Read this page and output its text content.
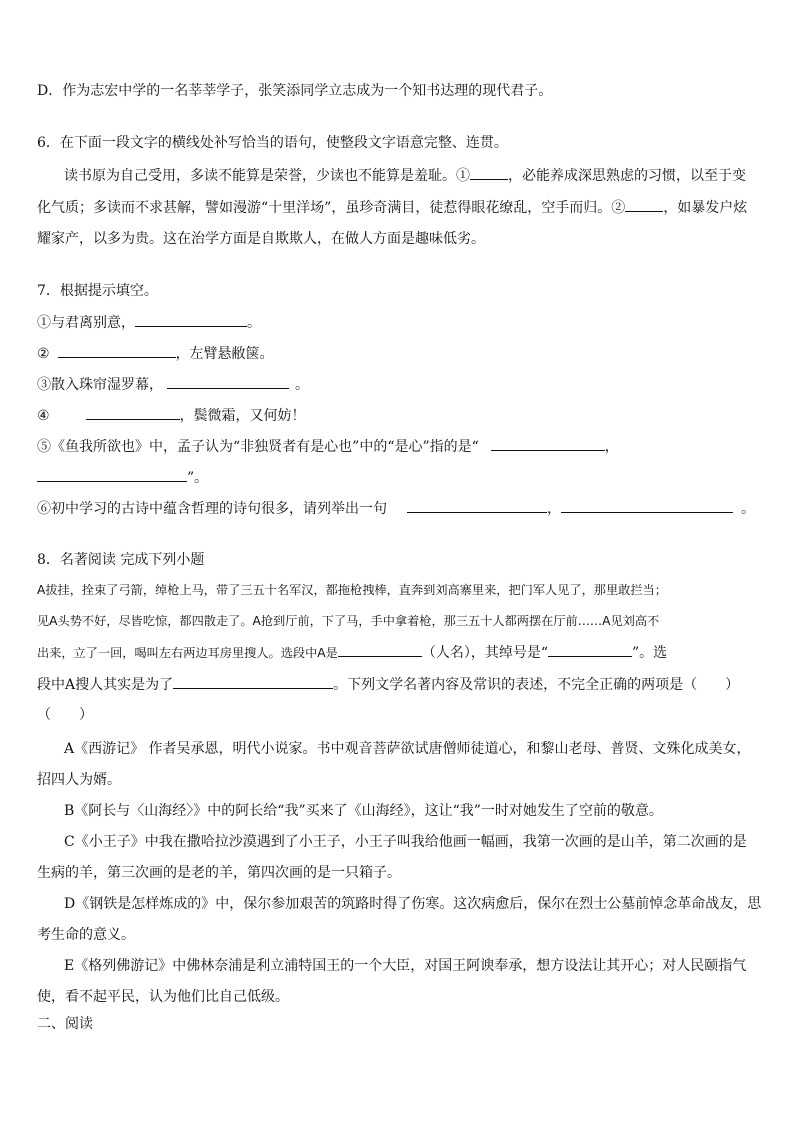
D．作为志宏中学的一名莘莘学子，张笑添同学立志成为一个知书达理的现代君子。
6．在下面一段文字的横线处补写恰当的语句，使整段文字语意完整、连贯。
读书原为自己受用，多读不能算是荣誉，少读也不能算是羞耻。①	，必能养成深思熟虑的习惯，以至于变
化气质；多读而不求甚解，譬如漫游“十里洋场”，虽珍奇满目，徒惹得眼花缭乱，空手而归。②	，如暴发户炫
耀家产，以多为贵。这在治学方面是自欺欺人，在做人方面是趣味低劣。
7．根据提示填空。
①与君离别意，	。
②	，左臂悬敝箧。
③散入珠帘湿罗幕，	。
④	，鬓微霜，又何妨！
⑤《鱼我所欲也》中，孟子认为“非独贤者有是心也”中的“是心”指的是“	，
”。
⑥初中学习的古诗中蕴含哲理的诗句很多，请列举出一句	，	。
8．名著阅读 完成下列小题
A拔挂，拴束了弓箭，绰枪上马，带了三五十名军汉，都拖枪拽棒，直奔到刘高寨里来，把门军人见了，那里敢拦当；
见A头势不好，尽皆吃惊，都四散走了。A抢到厅前，下了马，手中拿着枪，那三五十人都两摆在厅前……A见刘高不
出来，立了一回，喝叫左右两边耳房里搜人。选段中A是	（人名），其绰号是“	”。选
段中A搜人其实是为了	。下列文学名著内容及常识的表述，不完全正确的两项是（　　）
（　　）
A《西游记》 作者吴承恩，明代小说家。书中观音菩萨欲试唐僧师徒道心，和黎山老母、普贤、文殊化成美女，
招四人为婿。
B《阿长与〈山海经〉》中的阿长给“我”买来了《山海经》，这让“我”一时对她发生了空前的敬意。
C《小王子》中我在撒哈拉沙漠遇到了小王子，小王子叫我给他画一幅画，我第一次画的是山羊，第二次画的是
生病的羊，第三次画的是老的羊，第四次画的是一只箱子。
D《钢铁是怎样炼成的》中，保尔参加艰苦的筑路时得了伤寒。这次病愈后，保尔在烈士公墓前悼念革命战友，思
考生命的意义。
E《格列佛游记》中佛林奈浦是利立浦特国王的一个大臣，对国王阿谀奉承，想方设法让其开心；对人民颐指气
使，看不起平民，认为他们比自己低级。
二、阅读
